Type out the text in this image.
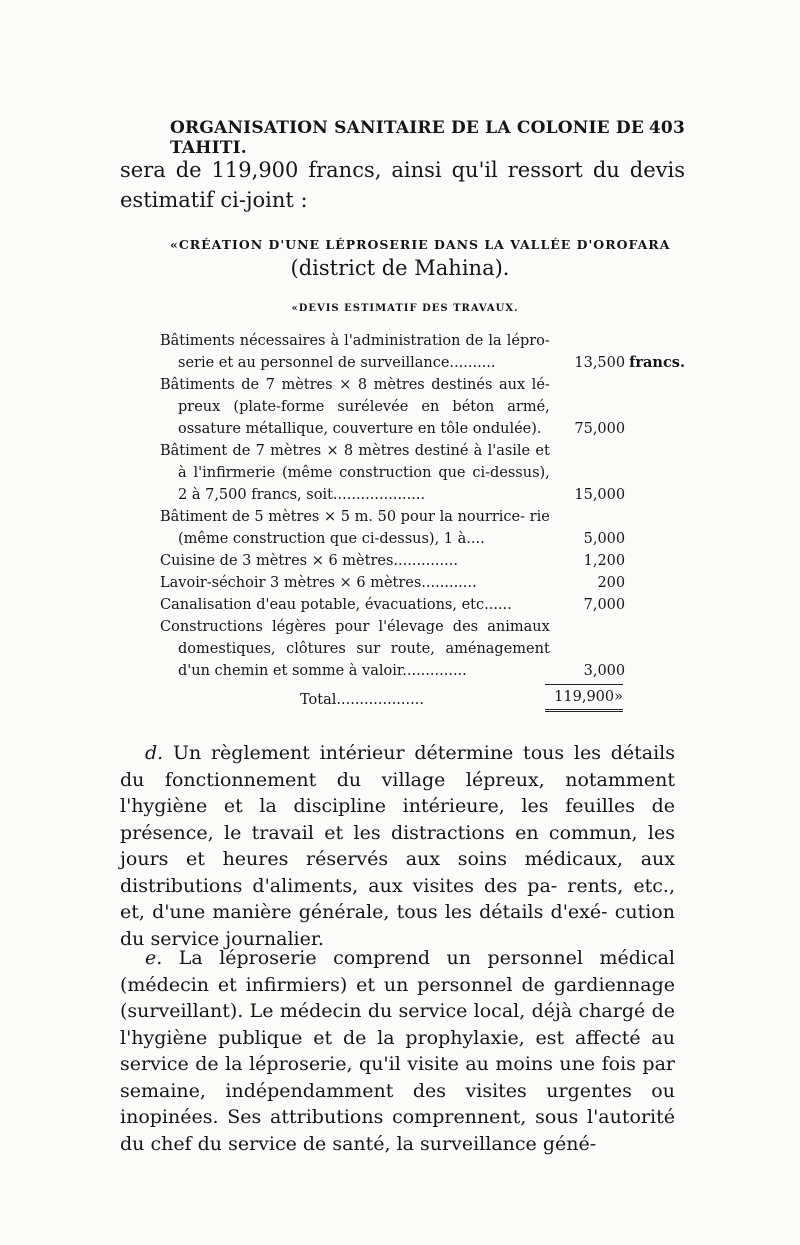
ORGANISATION SANITAIRE DE LA COLONIE DE TAHITI.
403
sera de 119,900 francs, ainsi qu'il ressort du devis estimatif ci-joint :
«CRÉATION D'UNE LÉPROSERIE DANS LA VALLÉE D'OROFARA
(district de Mahina).
«DEVIS ESTIMATIF DES TRAVAUX.
Bâtiments nécessaires à l'administration de la lépro- serie et au personnel de surveillance..........	13,500 francs.
Bâtiments de 7 mètres × 8 mètres destinés aux lé- preux (plate-forme surélevée en béton armé, ossature métallique, couverture en tôle ondulée).	75,000
Bâtiment de 7 mètres × 8 mètres destiné à l'asile et à l'infirmerie (même construction que ci-dessus), 2 à 7,500 francs, soit....................	15,000
Bâtiment de 5 mètres × 5 m. 50 pour la nourrice- rie (même construction que ci-dessus), 1 à....	5,000
Cuisine de 3 mètres × 6 mètres..............	1,200
Lavoir-séchoir 3 mètres × 6 mètres............	200
Canalisation d'eau potable, évacuations, etc......	7,000
Constructions légères pour l'élevage des animaux domestiques, clôtures sur route, aménagement d'un chemin et somme à valoir..............	3,000
Total...................	119,900»
d. Un règlement intérieur détermine tous les détails du fonctionnement du village lépreux, notamment l'hygiène et la discipline intérieure, les feuilles de présence, le travail et les distractions en commun, les jours et heures réservés aux soins médicaux, aux distributions d'aliments, aux visites des pa- rents, etc., et, d'une manière générale, tous les détails d'exé- cution du service journalier.
e. La léproserie comprend un personnel médical (médecin et infirmiers) et un personnel de gardiennage (surveillant). Le médecin du service local, déjà chargé de l'hygiène publique et de la prophylaxie, est affecté au service de la léproserie, qu'il visite au moins une fois par semaine, indépendamment des visites urgentes ou inopinées. Ses attributions comprennent, sous l'autorité du chef du service de santé, la surveillance géné-
